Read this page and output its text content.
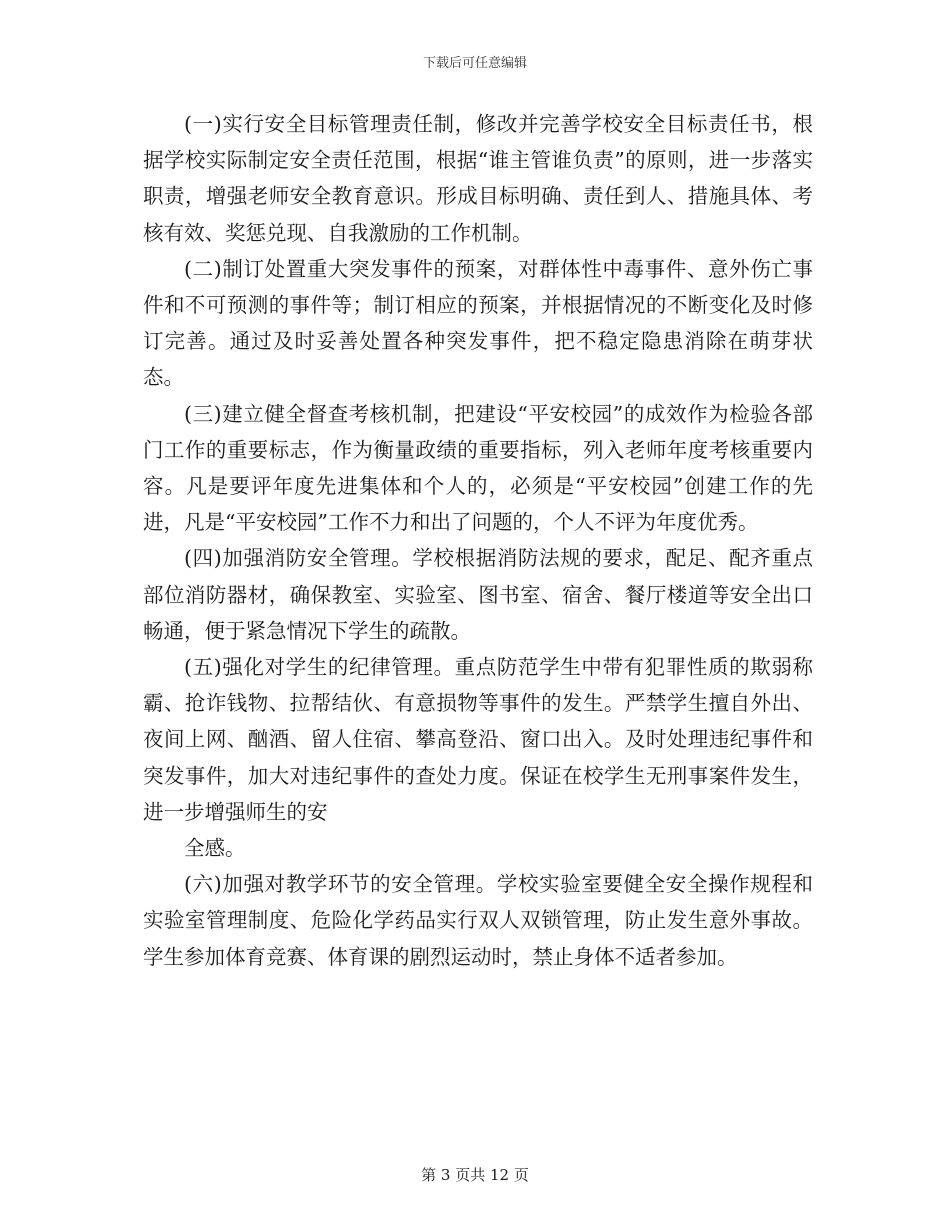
下载后可任意编辑

(一)实行安全目标管理责任制，修改并完善学校安全目标责任书，根据学校实际制定安全责任范围，根据“谁主管谁负责”的原则，进一步落实职责，增强老师安全教育意识。形成目标明确、责任到人、措施具体、考核有效、奖惩兑现、自我激励的工作机制。

(二)制订处置重大突发事件的预案，对群体性中毒事件、意外伤亡事件和不可预测的事件等；制订相应的预案，并根据情况的不断变化及时修订完善。通过及时妥善处置各种突发事件，把不稳定隐患消除在萌芽状态。

(三)建立健全督查考核机制，把建设“平安校园”的成效作为检验各部门工作的重要标志，作为衡量政绩的重要指标，列入老师年度考核重要内容。凡是要评年度先进集体和个人的，必须是“平安校园”创建工作的先进，凡是“平安校园”工作不力和出了问题的，个人不评为年度优秀。

(四)加强消防安全管理。学校根据消防法规的要求，配足、配齐重点部位消防器材，确保教室、实验室、图书室、宿舍、餐厅楼道等安全出口畅通，便于紧急情况下学生的疏散。

(五)强化对学生的纪律管理。重点防范学生中带有犯罪性质的欺弱称霸、抢诈钱物、拉帮结伙、有意损物等事件的发生。严禁学生擅自外出、夜间上网、酗酒、留人住宿、攀高登沿、窗口出入。及时处理违纪事件和突发事件，加大对违纪事件的查处力度。保证在校学生无刑事案件发生，进一步增强师生的安

全感。

(六)加强对教学环节的安全管理。学校实验室要健全安全操作规程和实验室管理制度、危险化学药品实行双人双锁管理，防止发生意外事故。学生参加体育竞赛、体育课的剧烈运动时，禁止身体不适者参加。

第 3 页共 12 页
